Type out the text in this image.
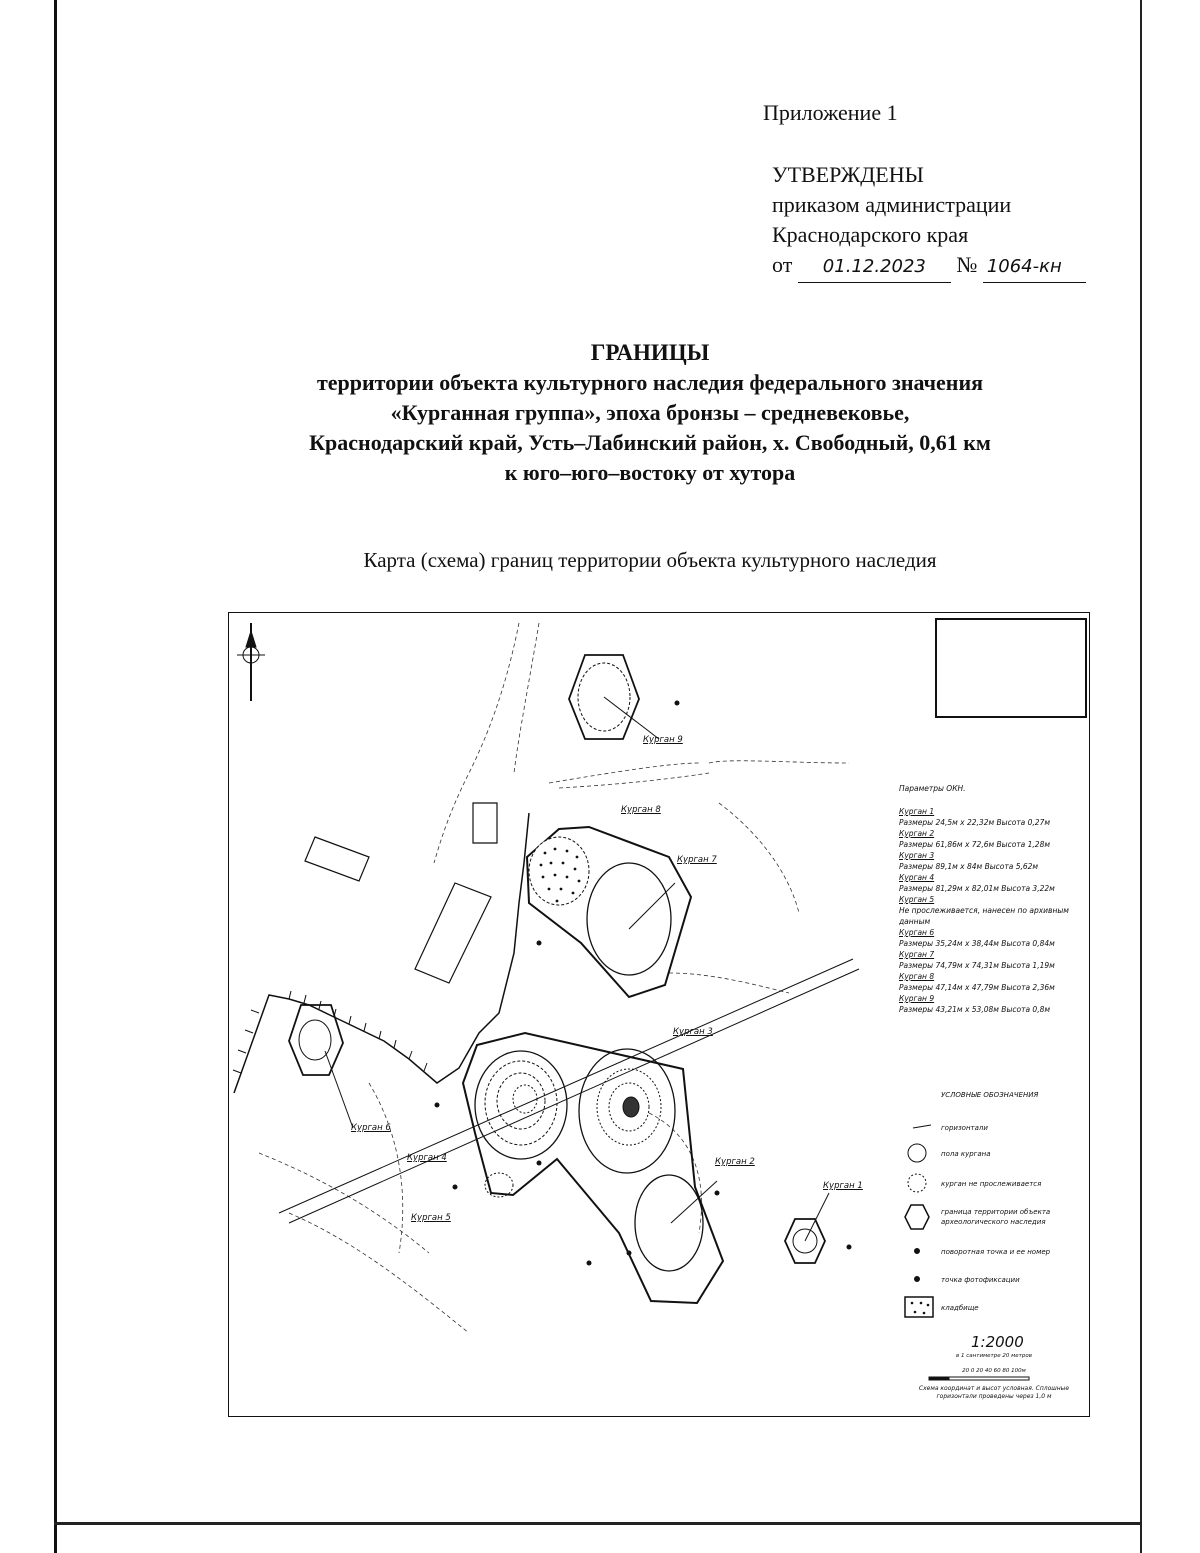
Приложение 1
УТВЕРЖДЕНЫ
приказом администрации
Краснодарского края
от 01.12.2023 № 1064-кн
ГРАНИЦЫ
территории объекта культурного наследия федерального значения
«Курганная группа», эпоха бронзы – средневековье,
Краснодарский край, Усть–Лабинский район, х. Свободный, 0,61 км
к юго–юго–востоку от хутора
Карта (схема) границ территории объекта культурного наследия
Курган 9
Курган 8
Курган 7
Курган 3
Курган 6
Курган 4	Курган 2
Курган 1
Курган 5
Параметры ОКН.
Курган 1
Размеры 24,5м х 22,32м Высота 0,27м
Курган 2
Размеры 61,86м х 72,6м Высота 1,28м
Курган 3
Размеры 89,1м х 84м Высота 5,62м
Курган 4
Размеры 81,29м х 82,01м Высота 3,22м
Курган 5
Не прослеживается, нанесен по архивным данным
Курган 6
Размеры 35,24м х 38,44м Высота 0,84м
Курган 7
Размеры 74,79м х 74,31м Высота 1,19м
Курган 8
Размеры 47,14м х 47,79м Высота 2,36м
Курган 9
Размеры 43,21м х 53,08м Высота 0,8м
УСЛОВНЫЕ ОБОЗНАЧЕНИЯ
горизонтали
пола кургана
курган не прослеживается
граница территории объекта археологического наследия
поворотная точка и ее номер
точка фотофиксации
кладбище
1:2000
в 1 сантиметре 20 метров
20 0 20 40 60 80 100м
Схема координат и высот условная. Сплошные горизонтали проведены через 1,0 м
